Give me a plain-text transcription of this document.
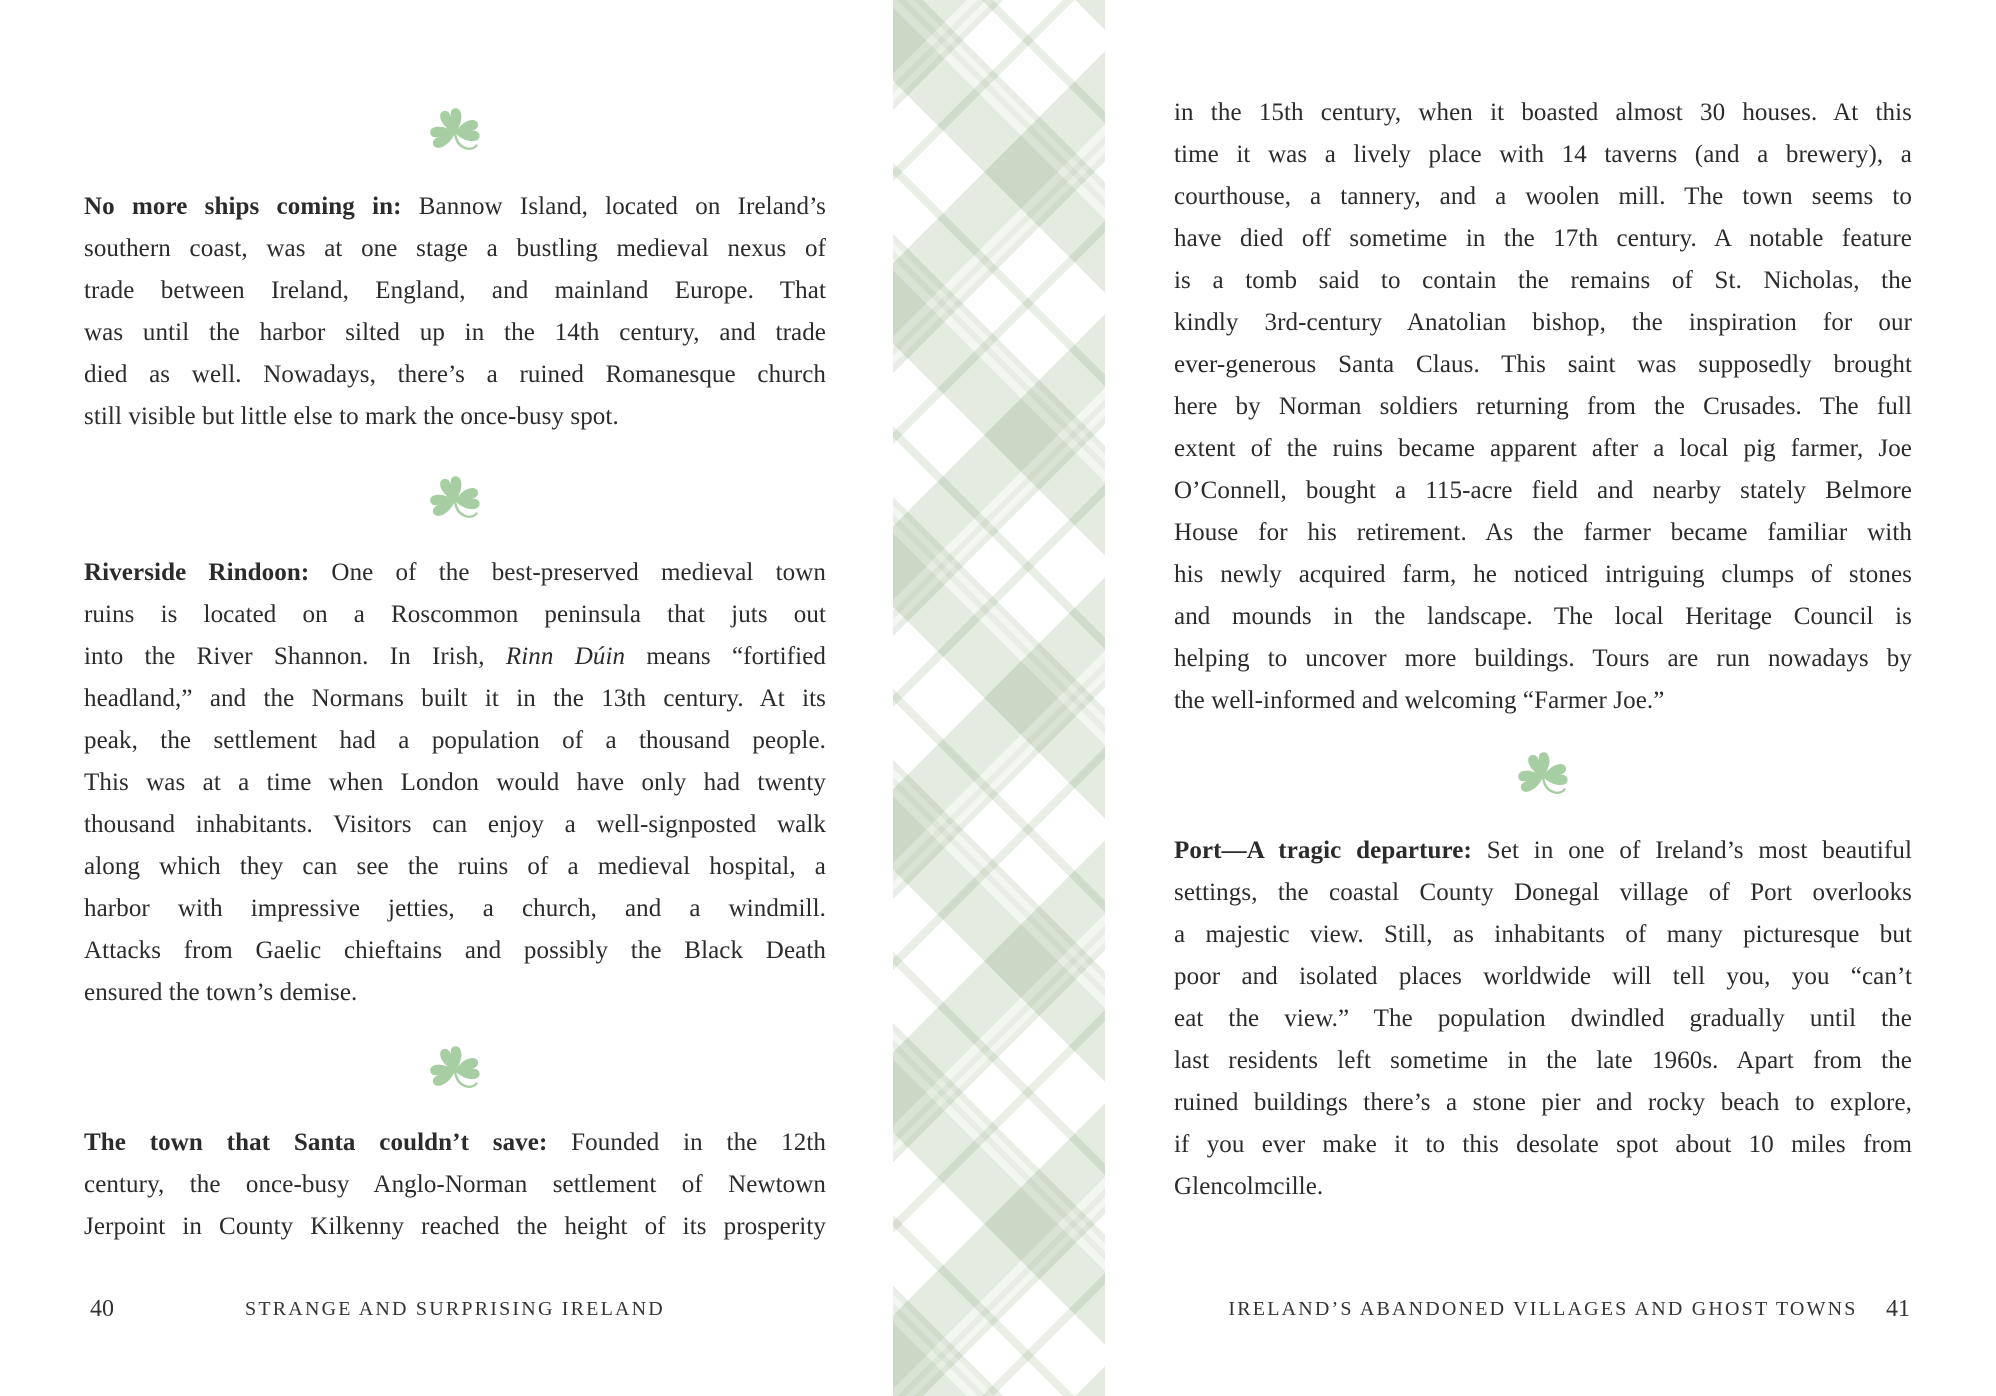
No more ships coming in: Bannow Island, located on Ireland’s
southern coast, was at one stage a bustling medieval nexus of
trade between Ireland, England, and mainland Europe. That
was until the harbor silted up in the 14th century, and trade
died as well. Nowadays, there’s a ruined Romanesque church
still visible but little else to mark the once-busy spot.
Riverside Rindoon: One of the best-preserved medieval town
ruins is located on a Roscommon peninsula that juts out
into the River Shannon. In Irish, Rinn Dúin means “fortified
headland,” and the Normans built it in the 13th century. At its
peak, the settlement had a population of a thousand people.
This was at a time when London would have only had twenty
thousand inhabitants. Visitors can enjoy a well-signposted walk
along which they can see the ruins of a medieval hospital, a
harbor with impressive jetties, a church, and a windmill.
Attacks from Gaelic chieftains and possibly the Black Death
ensured the town’s demise.
The town that Santa couldn’t save: Founded in the 12th
century, the once-busy Anglo-Norman settlement of Newtown
Jerpoint in County Kilkenny reached the height of its prosperity
40	STRANGE AND SURPRISING IRELAND
in the 15th century, when it boasted almost 30 houses. At this
time it was a lively place with 14 taverns (and a brewery), a
courthouse, a tannery, and a woolen mill. The town seems to
have died off sometime in the 17th century. A notable feature
is a tomb said to contain the remains of St. Nicholas, the
kindly 3rd-century Anatolian bishop, the inspiration for our
ever-generous Santa Claus. This saint was supposedly brought
here by Norman soldiers returning from the Crusades. The full
extent of the ruins became apparent after a local pig farmer, Joe
O’Connell, bought a 115-acre field and nearby stately Belmore
House for his retirement. As the farmer became familiar with
his newly acquired farm, he noticed intriguing clumps of stones
and mounds in the landscape. The local Heritage Council is
helping to uncover more buildings. Tours are run nowadays by
the well-informed and welcoming “Farmer Joe.”
Port—A tragic departure: Set in one of Ireland’s most beautiful
settings, the coastal County Donegal village of Port overlooks
a majestic view. Still, as inhabitants of many picturesque but
poor and isolated places worldwide will tell you, you “can’t
eat the view.” The population dwindled gradually until the
last residents left sometime in the late 1960s. Apart from the
ruined buildings there’s a stone pier and rocky beach to explore,
if you ever make it to this desolate spot about 10 miles from
Glencolmcille.
IRELAND’S ABANDONED VILLAGES AND GHOST TOWNS	41
